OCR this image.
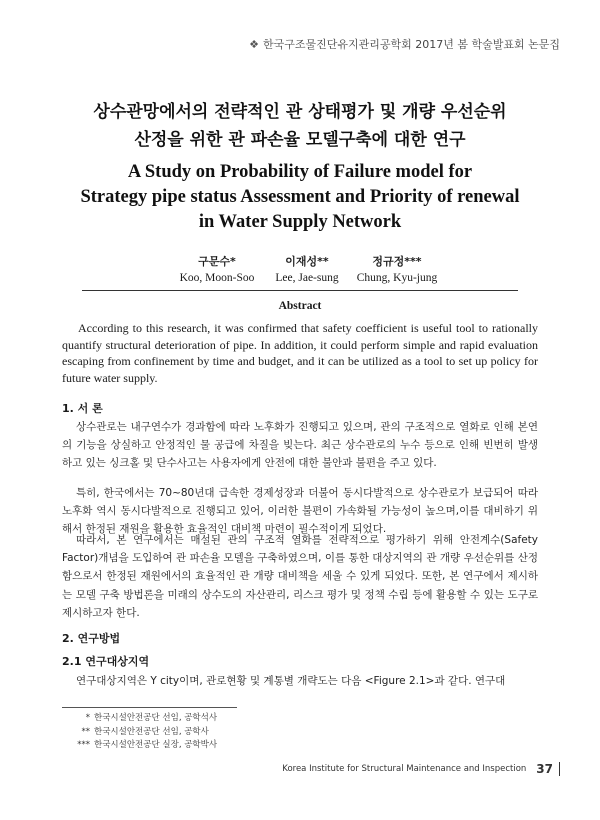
❖ 한국구조물진단유지관리공학회 2017년 봄 학술발표회 논문집
상수관망에서의 전략적인 관 상태평가 및 개량 우선순위
산정을 위한 관 파손율 모델구축에 대한 연구
A Study on Probability of Failure model for
Strategy pipe status Assessment and Priority of renewal
in Water Supply Network
구문수*
Koo, Moon-Soo
이재성**
Lee, Jae-sung
정규정***
Chung, Kyu-jung
Abstract
According to this research, it was confirmed that safety coefficient is useful tool to rationally quantify structural deterioration of pipe. In addition, it could perform simple and rapid evaluation escaping from confinement by time and budget, and it can be utilized as a tool to set up policy for future water supply.
1. 서 론
상수관로는 내구연수가 경과함에 따라 노후화가 진행되고 있으며, 관의 구조적으로 열화로 인해 본연의 기능을 상실하고 안정적인 물 공급에 차질을 빚는다. 최근 상수관로의 누수 등으로 인해 빈번히 발생하고 있는 싱크홀 및 단수사고는 사용자에게 안전에 대한 불안과 불편을 주고 있다.
특히, 한국에서는 70~80년대 급속한 경제성장과 더불어 동시다발적으로 상수관로가 보급되어 따라 노후화 역시 동시다발적으로 진행되고 있어, 이러한 불편이 가속화될 가능성이 높으며,이를 대비하기 위해서 한정된 재원을 활용한 효율적인 대비책 마련이 필수적이게 되었다.
따라서, 본 연구에서는 매설된 관의 구조적 열화를 전략적으로 평가하기 위해 안전계수(Safety Factor)개념을 도입하여 관 파손율 모델을 구축하였으며, 이를 통한 대상지역의 관 개량 우선순위를 산정함으로서 한정된 재원에서의 효율적인 관 개량 대비책을 세울 수 있게 되었다. 또한, 본 연구에서 제시하는 모델 구축 방법론을 미래의 상수도의 자산관리, 리스크 평가 및 정책 수립 등에 활용할 수 있는 도구로 제시하고자 한다.
2. 연구방법
2.1 연구대상지역
연구대상지역은 Y city이며, 관로현황 및 계통별 개략도는 다음 <Figure 2.1>과 같다. 연구대
* 한국시설안전공단 선임, 공학석사
** 한국시설안전공단 선임, 공학사
*** 한국시설안전공단 실장, 공학박사
Korea Institute for Structural Maintenance and Inspection 37
